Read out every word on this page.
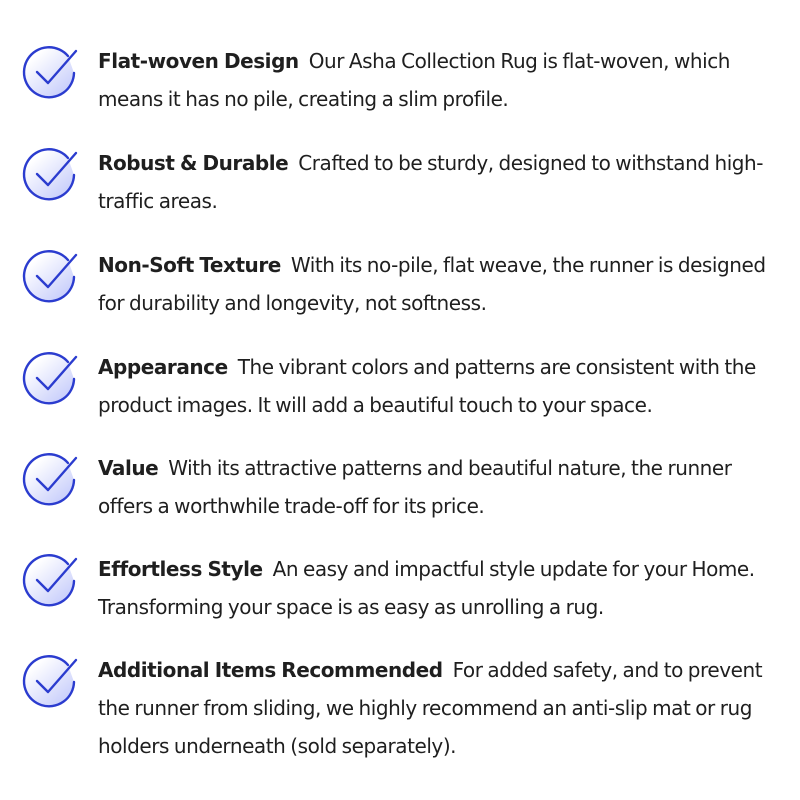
Flat-woven Design Our Asha Collection Rug is flat-woven, which means it has no pile, creating a slim profile.
Robust & Durable Crafted to be sturdy, designed to withstand high-traffic areas.
Non-Soft Texture With its no-pile, flat weave, the runner is designed for durability and longevity, not softness.
Appearance The vibrant colors and patterns are consistent with the product images. It will add a beautiful touch to your space.
Value With its attractive patterns and beautiful nature, the runner offers a worthwhile trade-off for its price.
Effortless Style An easy and impactful style update for your Home. Transforming your space is as easy as unrolling a rug.
Additional Items Recommended For added safety, and to prevent the runner from sliding, we highly recommend an anti-slip mat or rug holders underneath (sold separately).
